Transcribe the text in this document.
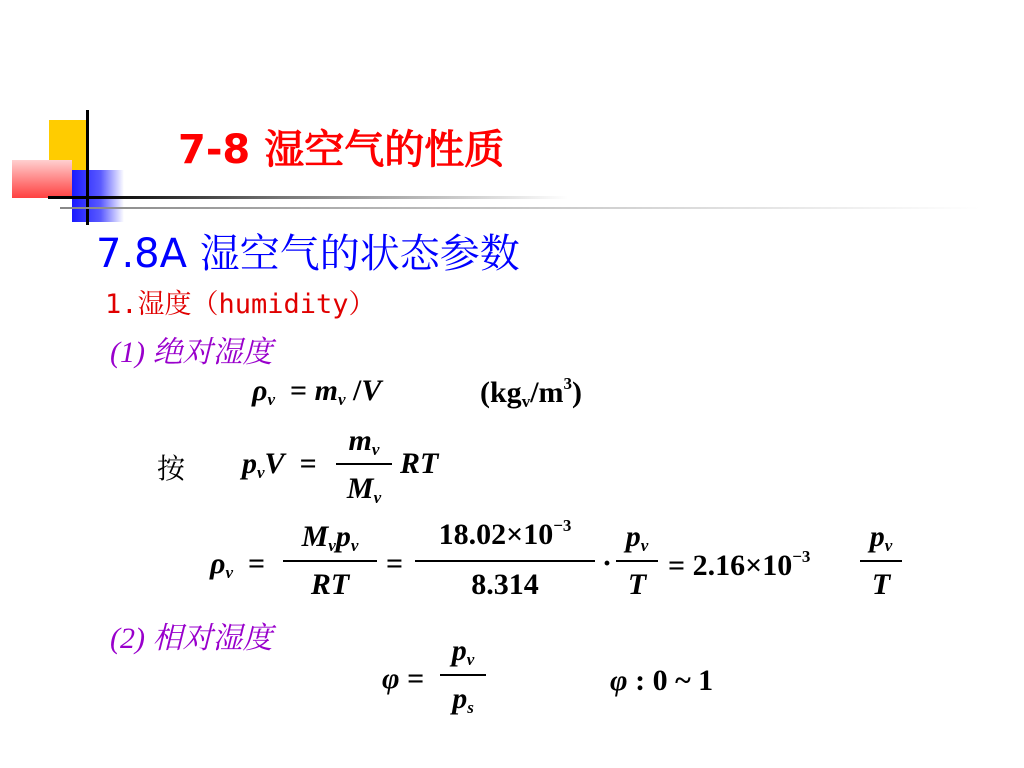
7-8 湿空气的性质
7.8A 湿空气的状态参数
1.湿度（humidity）
(1) 绝对湿度
$\rho_v = m_v$ /V	$(kg_v/m^3)$
按 $p_vV$  =
$m_v$
$M_v$
RT
$\rho_v$  =
$M_vp_v$
RT
=
$18.02\times 10^{-3}$
8.314
·
$p_v$
T
= $2.16\times 10^{-3}$
$p_v$
T
(2) 相对湿度
φ =
$p_v$
$p_s$
φ : 0 ~ 1
